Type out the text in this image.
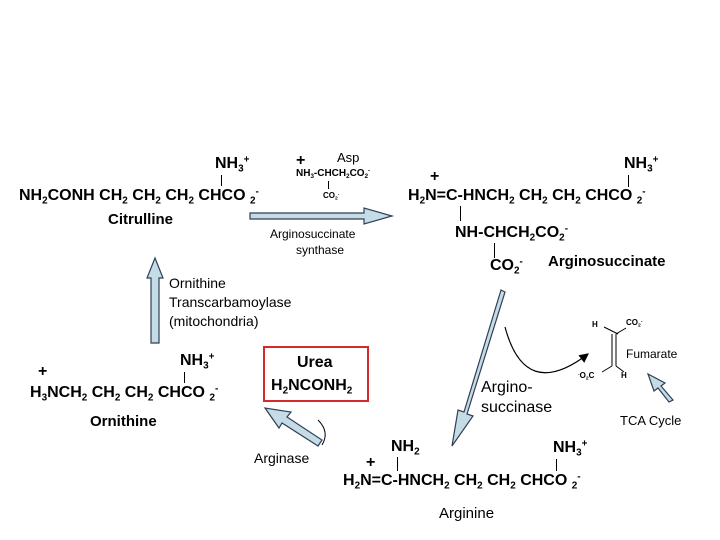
$NH_3^+$
$NH_2CONH$ $CH_2$ $CH_2$ $CH_2$ CHCO $_2$-
Citrulline
Asp
+
$NH_3-CHCH_2CO_2^-$
$CO_2^-$
Arginosuccinate
synthase
+
$NH_3^+$
$H_2N=C-HNCH_2$ $CH_2$ $CH_2$ CHCO $_2$-
$NH-CHCH_2CO_2^-$
$CO_2^-$ Arginosuccinate
Ornithine
Transcarbamoylase
(mitochondria)	H	$CO_2^-$
Fumarate
$^-O_2C$	H
Urea
$H_2NCONH_2$
+
$NH_3^+$
$H_3NCH_2$ $CH_2$ $CH_2$ CHCO $_2$-
Ornithine
Argino-
succinase
TCA Cycle
Arginase	+
$NH_2$	$NH_3^+$
$H_2N=C-HNCH_2$ $CH_2$ $CH_2$ CHCO $_2$-
Arginine
